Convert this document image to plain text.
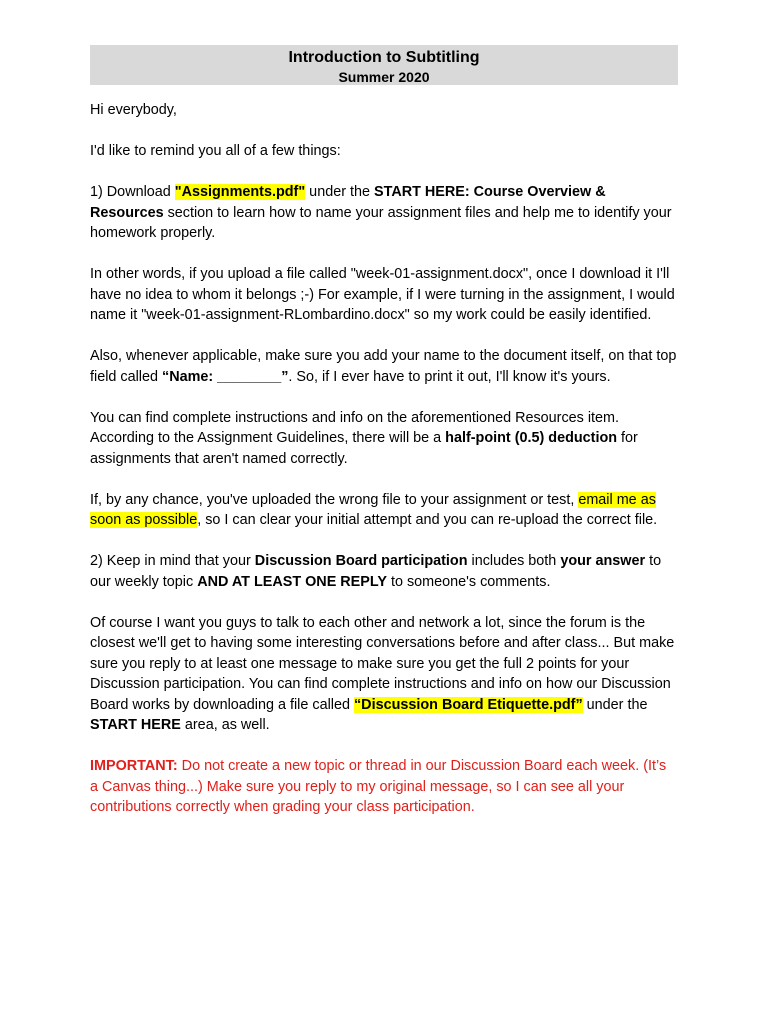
Introduction to Subtitling
Summer 2020

Hi everybody,

I'd like to remind you all of a few things:

1) Download "Assignments.pdf" under the START HERE: Course Overview & Resources section to learn how to name your assignment files and help me to identify your homework properly.

In other words, if you upload a file called "week-01-assignment.docx", once I download it I'll have no idea to whom it belongs ;-) For example, if I were turning in the assignment, I would name it "week-01-assignment-RLombardino.docx" so my work could be easily identified.

Also, whenever applicable, make sure you add your name to the document itself, on that top field called “Name: ________”. So, if I ever have to print it out, I'll know it's yours.

You can find complete instructions and info on the aforementioned Resources item. According to the Assignment Guidelines, there will be a half-point (0.5) deduction for assignments that aren't named correctly.

If, by any chance, you've uploaded the wrong file to your assignment or test, email me as soon as possible, so I can clear your initial attempt and you can re-upload the correct file.

2) Keep in mind that your Discussion Board participation includes both your answer to our weekly topic AND AT LEAST ONE REPLY to someone's comments.

Of course I want you guys to talk to each other and network a lot, since the forum is the closest we'll get to having some interesting conversations before and after class... But make sure you reply to at least one message to make sure you get the full 2 points for your Discussion participation. You can find complete instructions and info on how our Discussion Board works by downloading a file called “Discussion Board Etiquette.pdf” under the START HERE area, as well.

IMPORTANT: Do not create a new topic or thread in our Discussion Board each week. (It’s a Canvas thing...) Make sure you reply to my original message, so I can see all your contributions correctly when grading your class participation.
